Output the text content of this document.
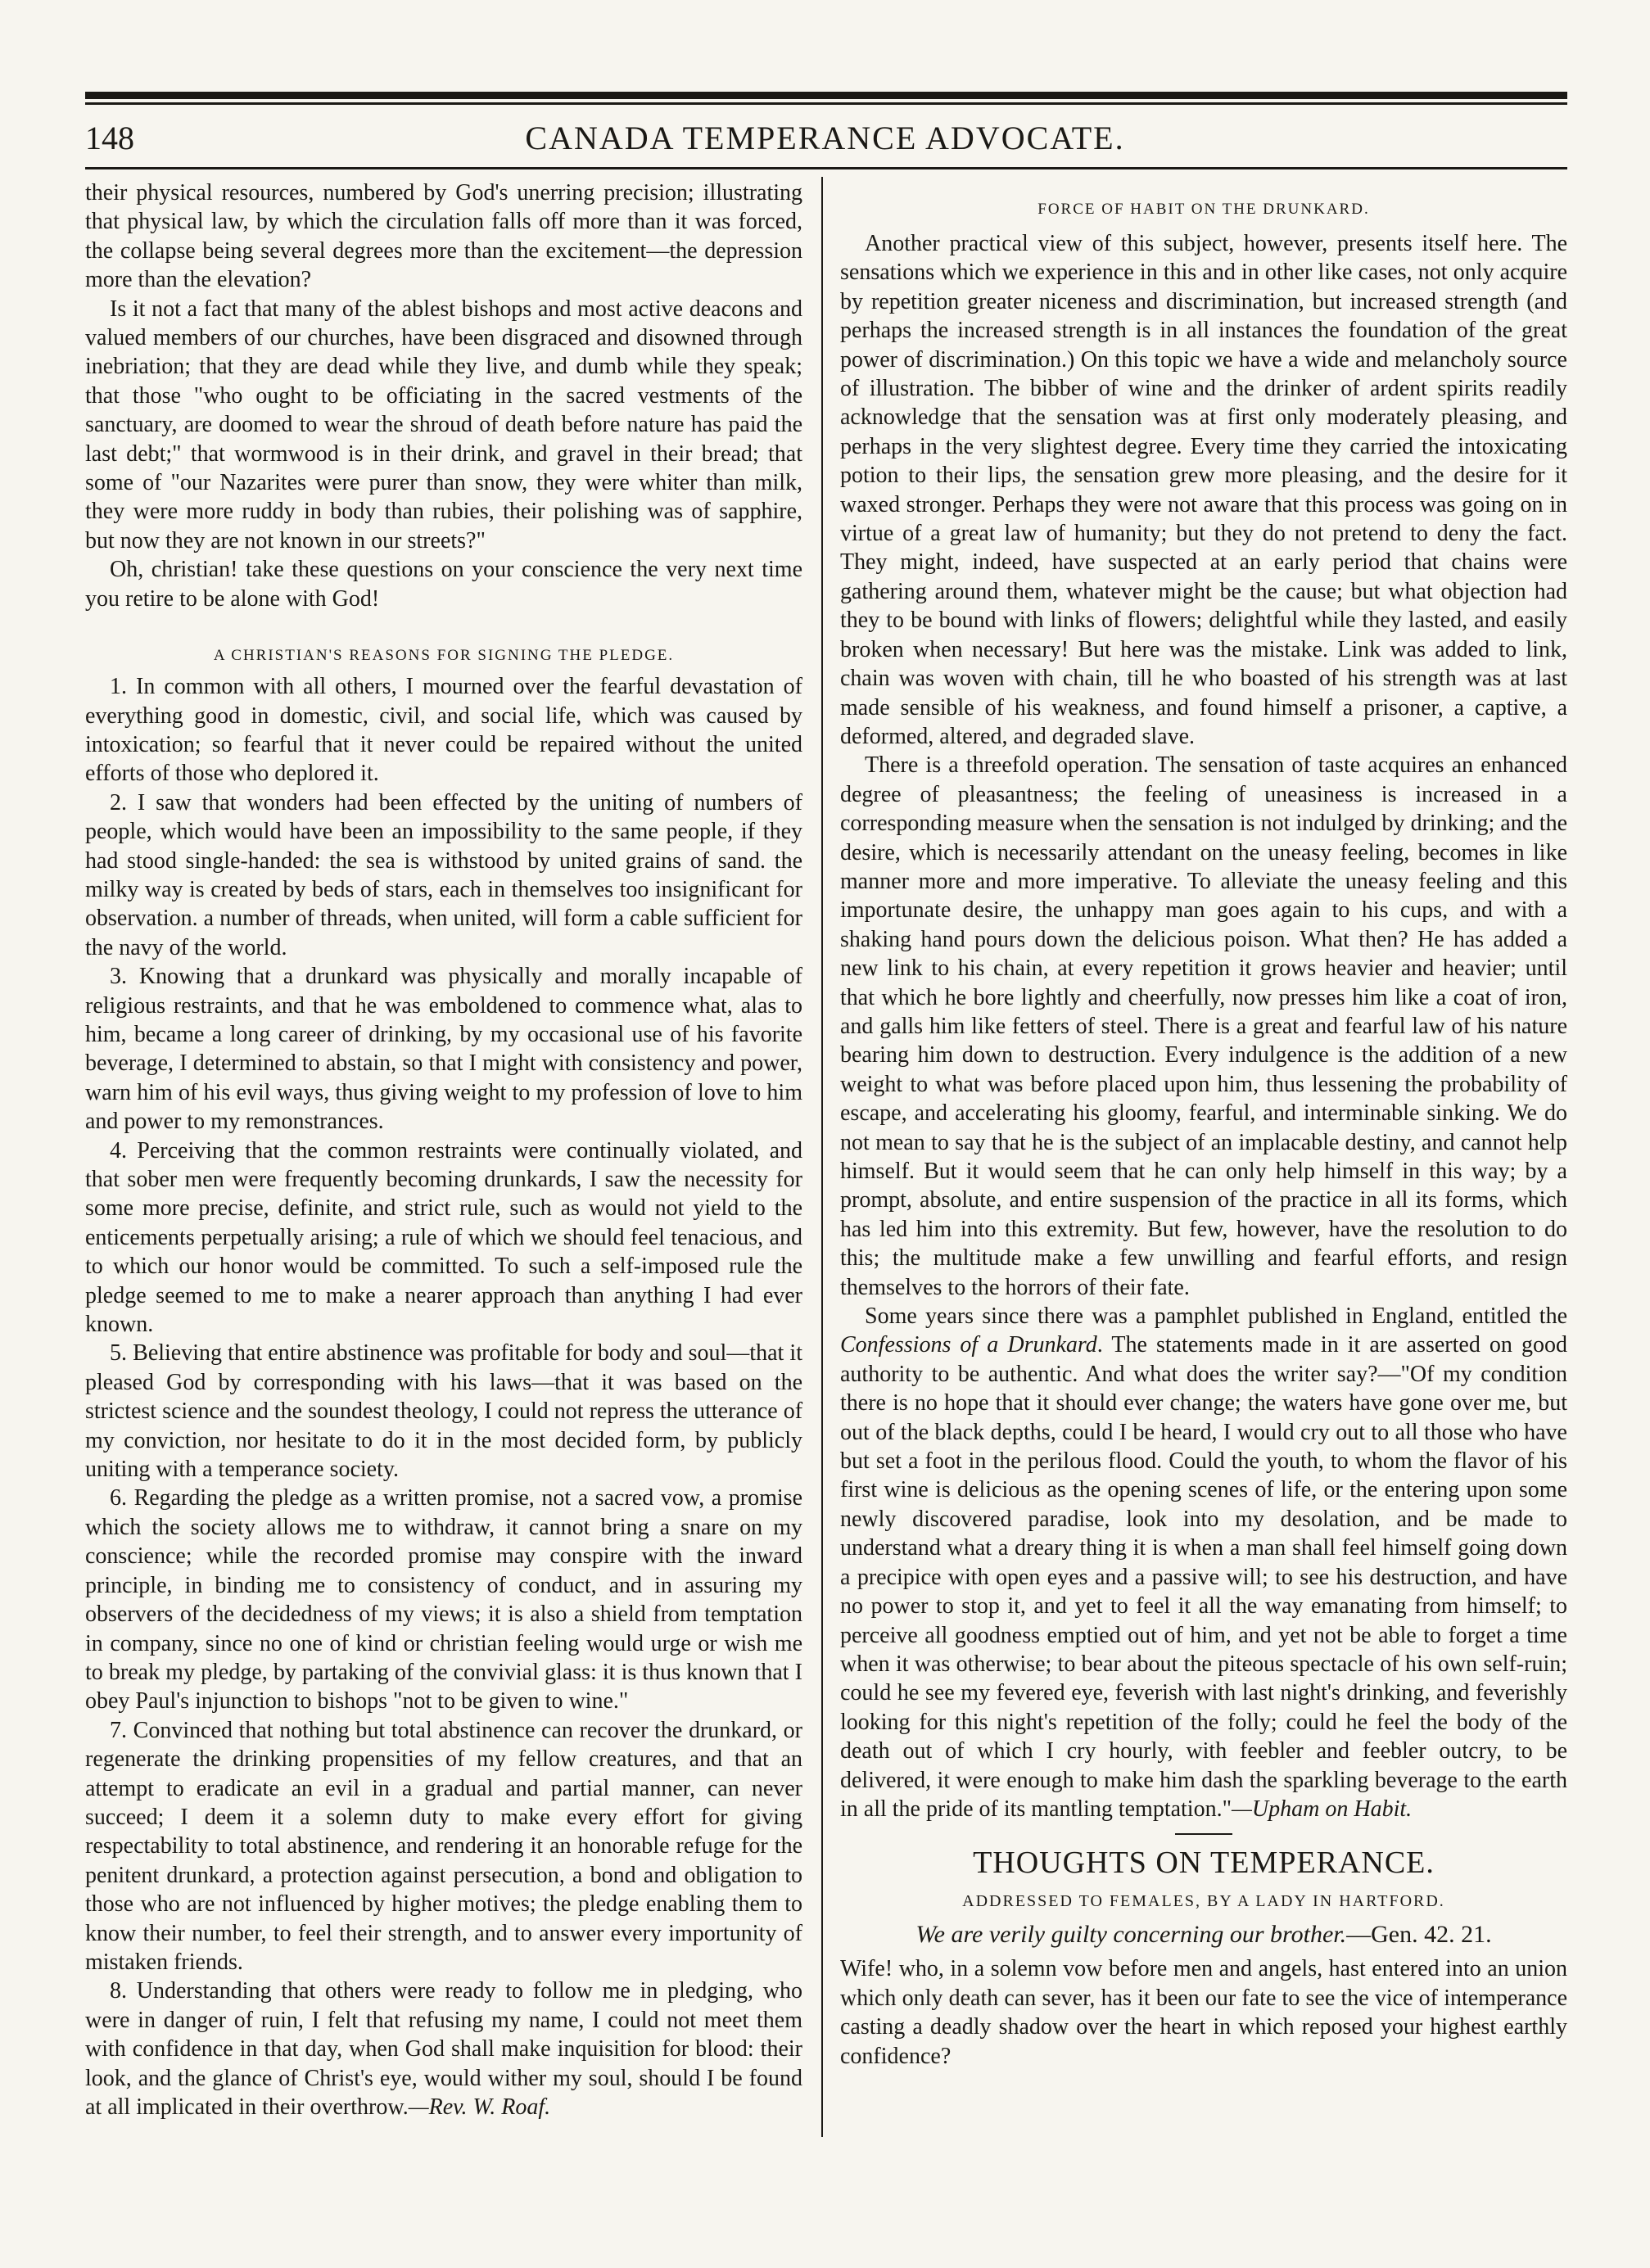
148	CANADA TEMPERANCE ADVOCATE.

their physical resources, numbered by God's unerring precision; illustrating that physical law, by which the circulation falls off more than it was forced, the collapse being several degrees more than the excitement—the depression more than the elevation?

Is it not a fact that many of the ablest bishops and most active deacons and valued members of our churches, have been disgraced and disowned through inebriation; that they are dead while they live, and dumb while they speak; that those "who ought to be officiating in the sacred vestments of the sanctuary, are doomed to wear the shroud of death before nature has paid the last debt;" that wormwood is in their drink, and gravel in their bread; that some of "our Nazarites were purer than snow, they were whiter than milk, they were more ruddy in body than rubies, their polishing was of sapphire, but now they are not known in our streets?"

Oh, christian! take these questions on your conscience the very next time you retire to be alone with God!

A CHRISTIAN'S REASONS FOR SIGNING THE PLEDGE.

1. In common with all others, I mourned over the fearful devastation of everything good in domestic, civil, and social life, which was caused by intoxication; so fearful that it never could be repaired without the united efforts of those who deplored it.

2. I saw that wonders had been effected by the uniting of numbers of people, which would have been an impossibility to the same people, if they had stood single-handed: the sea is withstood by united grains of sand. the milky way is created by beds of stars, each in themselves too insignificant for observation. a number of threads, when united, will form a cable sufficient for the navy of the world.

3. Knowing that a drunkard was physically and morally incapable of religious restraints, and that he was emboldened to commence what, alas to him, became a long career of drinking, by my occasional use of his favorite beverage, I determined to abstain, so that I might with consistency and power, warn him of his evil ways, thus giving weight to my profession of love to him and power to my remonstrances.

4. Perceiving that the common restraints were continually violated, and that sober men were frequently becoming drunkards, I saw the necessity for some more precise, definite, and strict rule, such as would not yield to the enticements perpetually arising; a rule of which we should feel tenacious, and to which our honor would be committed. To such a self-imposed rule the pledge seemed to me to make a nearer approach than anything I had ever known.

5. Believing that entire abstinence was profitable for body and soul—that it pleased God by corresponding with his laws—that it was based on the strictest science and the soundest theology, I could not repress the utterance of my conviction, nor hesitate to do it in the most decided form, by publicly uniting with a temperance society.

6. Regarding the pledge as a written promise, not a sacred vow, a promise which the society allows me to withdraw, it cannot bring a snare on my conscience; while the recorded promise may conspire with the inward principle, in binding me to consistency of conduct, and in assuring my observers of the decidedness of my views; it is also a shield from temptation in company, since no one of kind or christian feeling would urge or wish me to break my pledge, by partaking of the convivial glass: it is thus known that I obey Paul's injunction to bishops "not to be given to wine."

7. Convinced that nothing but total abstinence can recover the drunkard, or regenerate the drinking propensities of my fellow creatures, and that an attempt to eradicate an evil in a gradual and partial manner, can never succeed; I deem it a solemn duty to make every effort for giving respectability to total abstinence, and rendering it an honorable refuge for the penitent drunkard, a protection against persecution, a bond and obligation to those who are not influenced by higher motives; the pledge enabling them to know their number, to feel their strength, and to answer every importunity of mistaken friends.

8. Understanding that others were ready to follow me in pledging, who were in danger of ruin, I felt that refusing my name, I could not meet them with confidence in that day, when God shall make inquisition for blood: their look, and the glance of Christ's eye, would wither my soul, should I be found at all implicated in their overthrow.—Rev. W. Roaf.

FORCE OF HABIT ON THE DRUNKARD.

Another practical view of this subject, however, presents itself here. The sensations which we experience in this and in other like cases, not only acquire by repetition greater niceness and discrimination, but increased strength (and perhaps the increased strength is in all instances the foundation of the great power of discrimination.) On this topic we have a wide and melancholy source of illustration. The bibber of wine and the drinker of ardent spirits readily acknowledge that the sensation was at first only moderately pleasing, and perhaps in the very slightest degree. Every time they carried the intoxicating potion to their lips, the sensation grew more pleasing, and the desire for it waxed stronger. Perhaps they were not aware that this process was going on in virtue of a great law of humanity; but they do not pretend to deny the fact. They might, indeed, have suspected at an early period that chains were gathering around them, whatever might be the cause; but what objection had they to be bound with links of flowers; delightful while they lasted, and easily broken when necessary! But here was the mistake. Link was added to link, chain was woven with chain, till he who boasted of his strength was at last made sensible of his weakness, and found himself a prisoner, a captive, a deformed, altered, and degraded slave.

There is a threefold operation. The sensation of taste acquires an enhanced degree of pleasantness; the feeling of uneasiness is increased in a corresponding measure when the sensation is not indulged by drinking; and the desire, which is necessarily attendant on the uneasy feeling, becomes in like manner more and more imperative. To alleviate the uneasy feeling and this importunate desire, the unhappy man goes again to his cups, and with a shaking hand pours down the delicious poison. What then? He has added a new link to his chain, at every repetition it grows heavier and heavier; until that which he bore lightly and cheerfully, now presses him like a coat of iron, and galls him like fetters of steel. There is a great and fearful law of his nature bearing him down to destruction. Every indulgence is the addition of a new weight to what was before placed upon him, thus lessening the probability of escape, and accelerating his gloomy, fearful, and interminable sinking. We do not mean to say that he is the subject of an implacable destiny, and cannot help himself. But it would seem that he can only help himself in this way; by a prompt, absolute, and entire suspension of the practice in all its forms, which has led him into this extremity. But few, however, have the resolution to do this; the multitude make a few unwilling and fearful efforts, and resign themselves to the horrors of their fate.

Some years since there was a pamphlet published in England, entitled the Confessions of a Drunkard. The statements made in it are asserted on good authority to be authentic. And what does the writer say?—"Of my condition there is no hope that it should ever change; the waters have gone over me, but out of the black depths, could I be heard, I would cry out to all those who have but set a foot in the perilous flood. Could the youth, to whom the flavor of his first wine is delicious as the opening scenes of life, or the entering upon some newly discovered paradise, look into my desolation, and be made to understand what a dreary thing it is when a man shall feel himself going down a precipice with open eyes and a passive will; to see his destruction, and have no power to stop it, and yet to feel it all the way emanating from himself; to perceive all goodness emptied out of him, and yet not be able to forget a time when it was otherwise; to bear about the piteous spectacle of his own self-ruin; could he see my fevered eye, feverish with last night's drinking, and feverishly looking for this night's repetition of the folly; could he feel the body of the death out of which I cry hourly, with feebler and feebler outcry, to be delivered, it were enough to make him dash the sparkling beverage to the earth in all the pride of its mantling temptation."—Upham on Habit.

THOUGHTS ON TEMPERANCE.
ADDRESSED TO FEMALES, BY A LADY IN HARTFORD.
We are verily guilty concerning our brother.—Gen. 42. 21.

Wife! who, in a solemn vow before men and angels, hast entered into an union which only death can sever, has it been our fate to see the vice of intemperance casting a deadly shadow over the heart in which reposed your highest earthly confidence?
